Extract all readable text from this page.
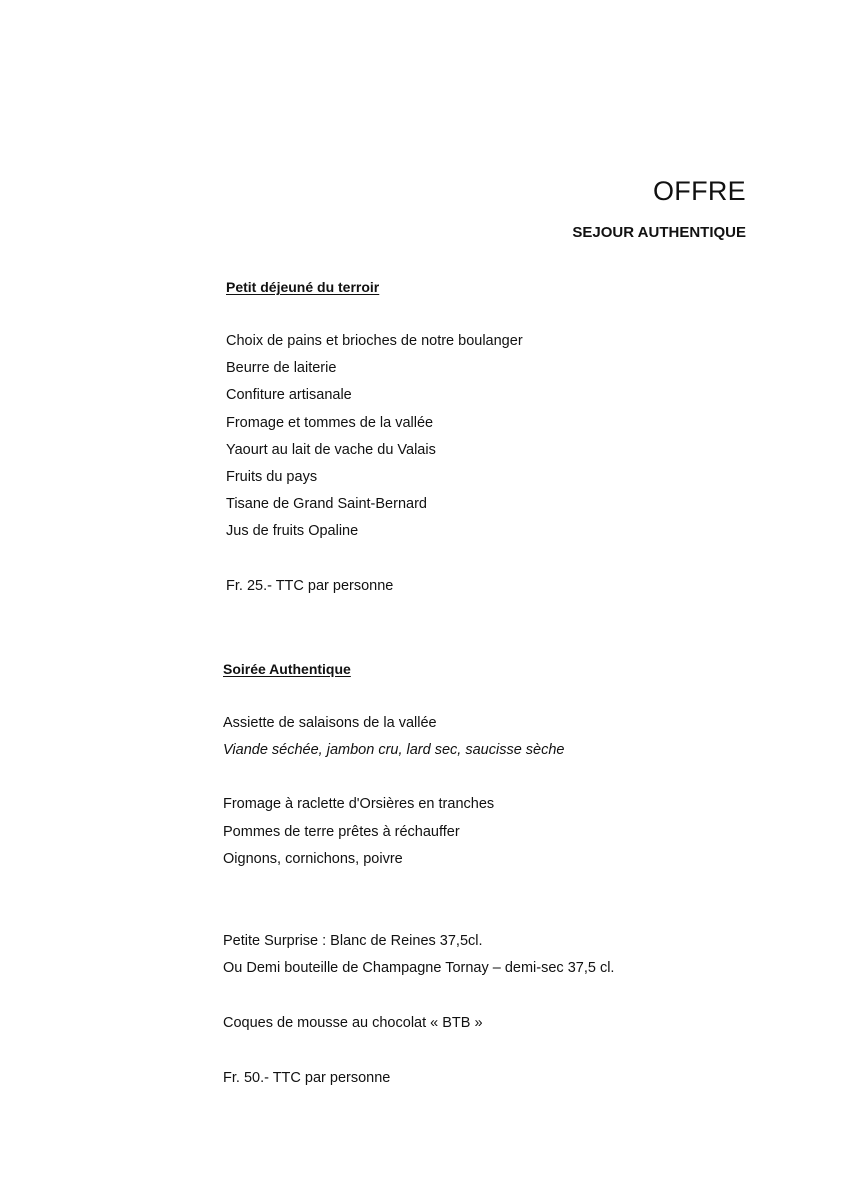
OFFRE
SEJOUR AUTHENTIQUE
Petit déjeuné du terroir
Choix de pains et brioches de notre boulanger
Beurre de laiterie
Confiture artisanale
Fromage et tommes de la vallée
Yaourt au lait de vache du Valais
Fruits du pays
Tisane de Grand Saint-Bernard
Jus de fruits Opaline
Fr. 25.- TTC par personne
Soirée Authentique
Assiette de salaisons de la vallée
Viande séchée, jambon cru, lard sec, saucisse sèche
Fromage à raclette d'Orsières en tranches
Pommes de terre prêtes à réchauffer
Oignons, cornichons, poivre
Petite Surprise : Blanc de Reines 37,5cl.
Ou Demi bouteille de Champagne Tornay – demi-sec 37,5 cl.
Coques de mousse au chocolat « BTB »
Fr. 50.- TTC par personne
